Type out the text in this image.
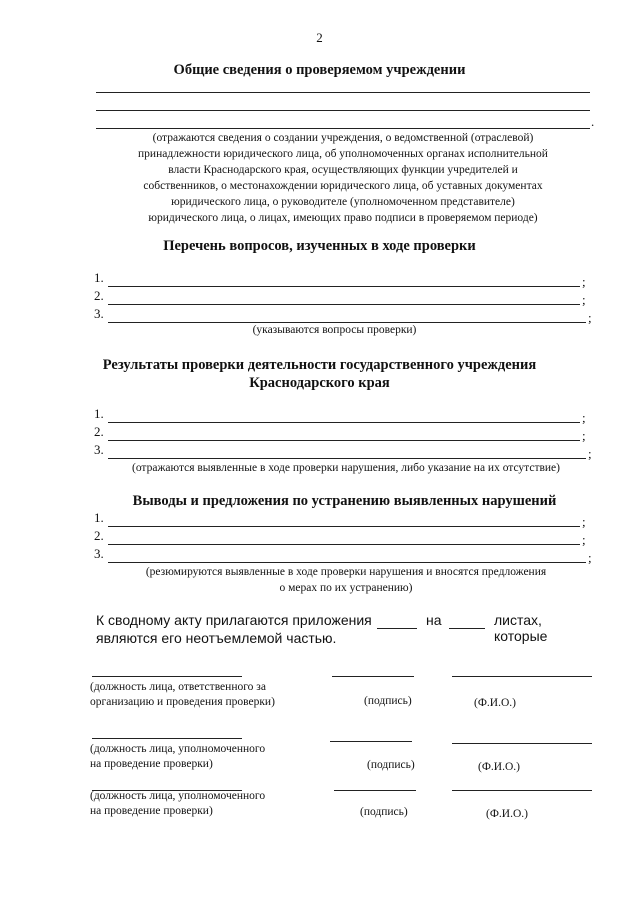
2
Общие сведения о проверяемом учреждении
.
(отражаются сведения о создании учреждения, о ведомственной (отраслевой)
принадлежности юридического лица, об уполномоченных органах исполнительной
власти Краснодарского края, осуществляющих функции учредителей и
собственников, о местонахождении юридического лица, об уставных документах
юридического лица, о руководителе (уполномоченном представителе)
юридического лица, о лицах, имеющих право подписи в проверяемом периоде)
Перечень вопросов, изученных в ходе проверки
1.	;
2.	;
3.	;
(указываются вопросы проверки)
Результаты проверки деятельности государственного учреждения
Краснодарского края
1.	;
2.	;
3.	;
(отражаются выявленные в ходе проверки нарушения, либо указание на их отсутствие)
Выводы и предложения по устранению выявленных нарушений
1.	;
2.	;
3.	;
(резюмируются выявленные в ходе проверки нарушения и вносятся предложения
о мерах по их устранению)
К сводному акту прилагаются приложения	на	листах, которые
являются его неотъемлемой частью.
(должность лица, ответственного за
организацию и проведения проверки)	(подпись)	(Ф.И.О.)
(должность лица, уполномоченного
на проведение проверки)	(подпись)	(Ф.И.О.)
(должность лица, уполномоченного
на проведение проверки)	(подпись)	(Ф.И.О.)
